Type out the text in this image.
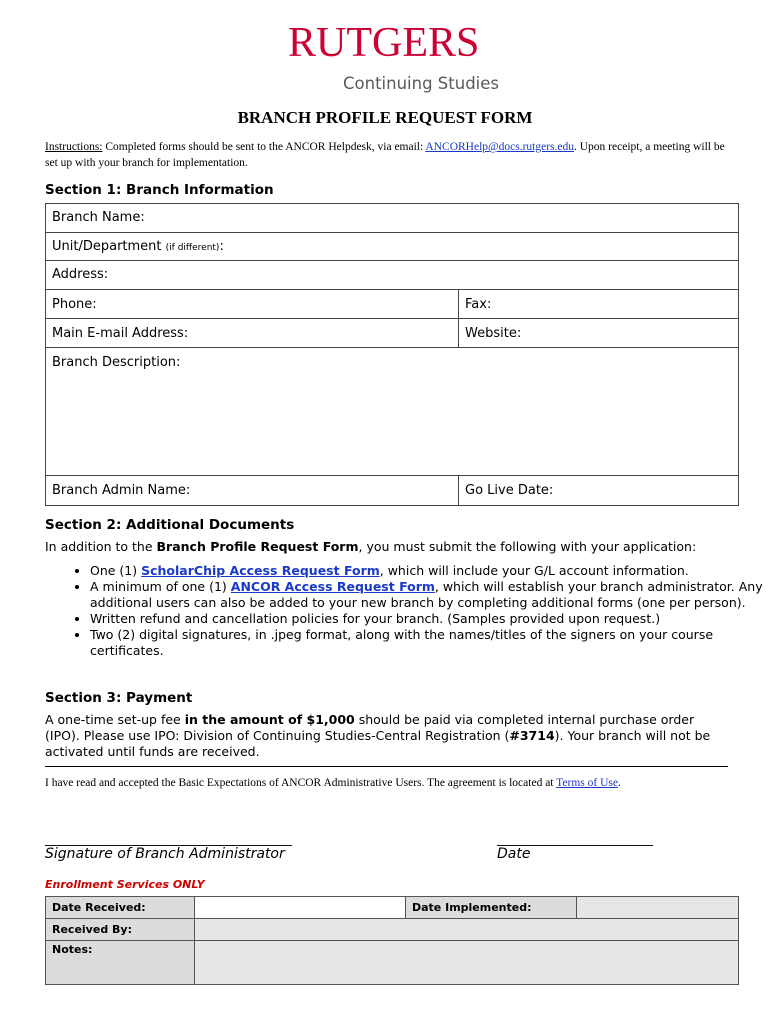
RUTGERS
Continuing Studies
BRANCH PROFILE REQUEST FORM
Instructions: Completed forms should be sent to the ANCOR Helpdesk, via email: ANCORHelp@docs.rutgers.edu. Upon receipt, a meeting will be set up with your branch for implementation.
Section 1: Branch Information
Branch Name:	
Unit/Department (if different):	
Address:	
Phone:	Fax:
Main E-mail Address:	Website:
Branch Description:	
Branch Admin Name:	Go Live Date:
Section 2: Additional Documents
In addition to the Branch Profile Request Form, you must submit the following with your application:
• One (1) ScholarChip Access Request Form, which will include your G/L account information.
• A minimum of one (1) ANCOR Access Request Form, which will establish your branch administrator. Any additional users can also be added to your new branch by completing additional forms (one per person).
• Written refund and cancellation policies for your branch. (Samples provided upon request.)
• Two (2) digital signatures, in .jpeg format, along with the names/titles of the signers on your course certificates.
Section 3: Payment
A one-time set-up fee in the amount of $1,000 should be paid via completed internal purchase order (IPO). Please use IPO: Division of Continuing Studies-Central Registration (#3714). Your branch will not be activated until funds are received.
I have read and accepted the Basic Expectations of ANCOR Administrative Users. The agreement is located at Terms of Use.
______________________________________
Signature of Branch Administrator
________________________
Date
Enrollment Services ONLY
Date Received:		Date Implemented:	
Received By:			
Notes:			
